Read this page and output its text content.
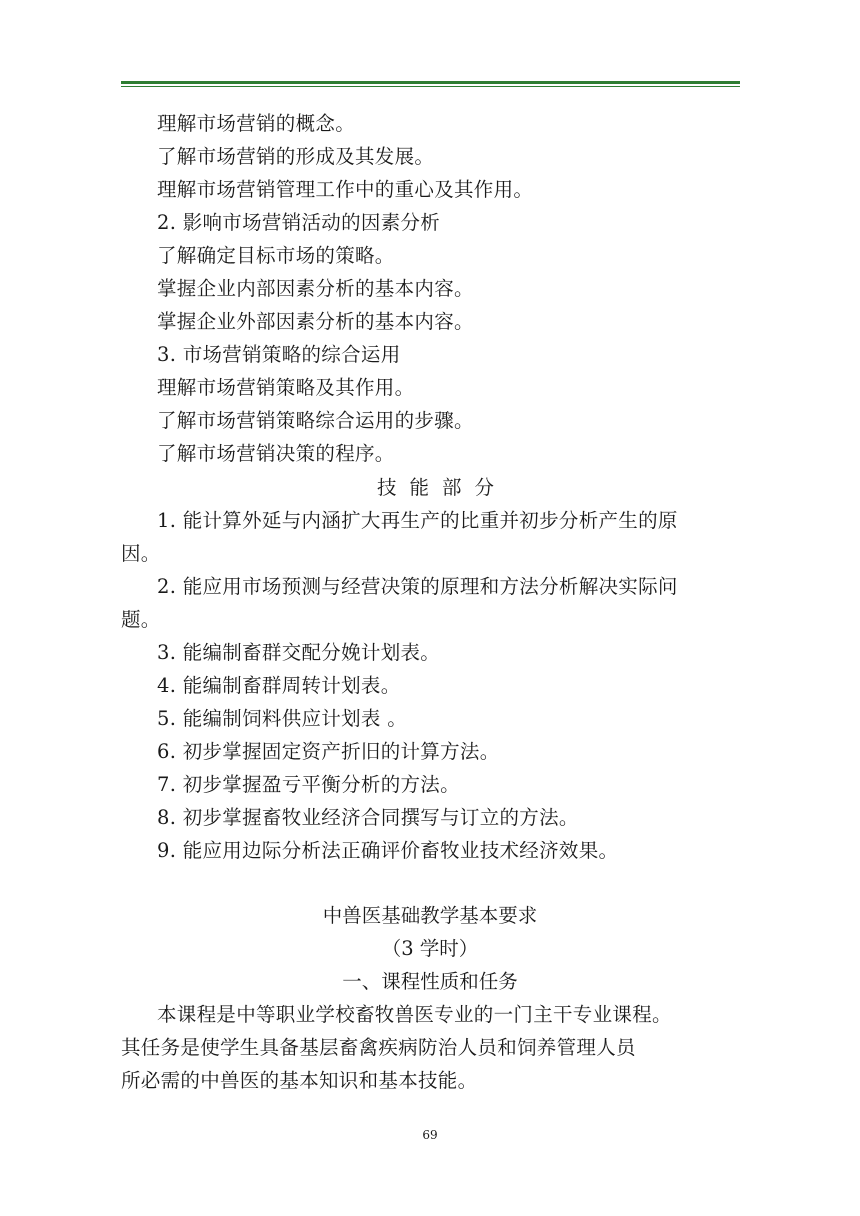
理解市场营销的概念。
了解市场营销的形成及其发展。
理解市场营销管理工作中的重心及其作用。
2. 影响市场营销活动的因素分析
了解确定目标市场的策略。
掌握企业内部因素分析的基本内容。
掌握企业外部因素分析的基本内容。
3. 市场营销策略的综合运用
理解市场营销策略及其作用。
了解市场营销策略综合运用的步骤。
了解市场营销决策的程序。
技能部分
1. 能计算外延与内涵扩大再生产的比重并初步分析产生的原
因。
2. 能应用市场预测与经营决策的原理和方法分析解决实际问
题。
3. 能编制畜群交配分娩计划表。
4. 能编制畜群周转计划表。
5. 能编制饲料供应计划表 。
6. 初步掌握固定资产折旧的计算方法。
7. 初步掌握盈亏平衡分析的方法。
8. 初步掌握畜牧业经济合同撰写与订立的方法。
9. 能应用边际分析法正确评价畜牧业技术经济效果。
中兽医基础教学基本要求
（3 学时）
一、课程性质和任务
本课程是中等职业学校畜牧兽医专业的一门主干专业课程。
其任务是使学生具备基层畜禽疾病防治人员和饲养管理人员
所必需的中兽医的基本知识和基本技能。
69
